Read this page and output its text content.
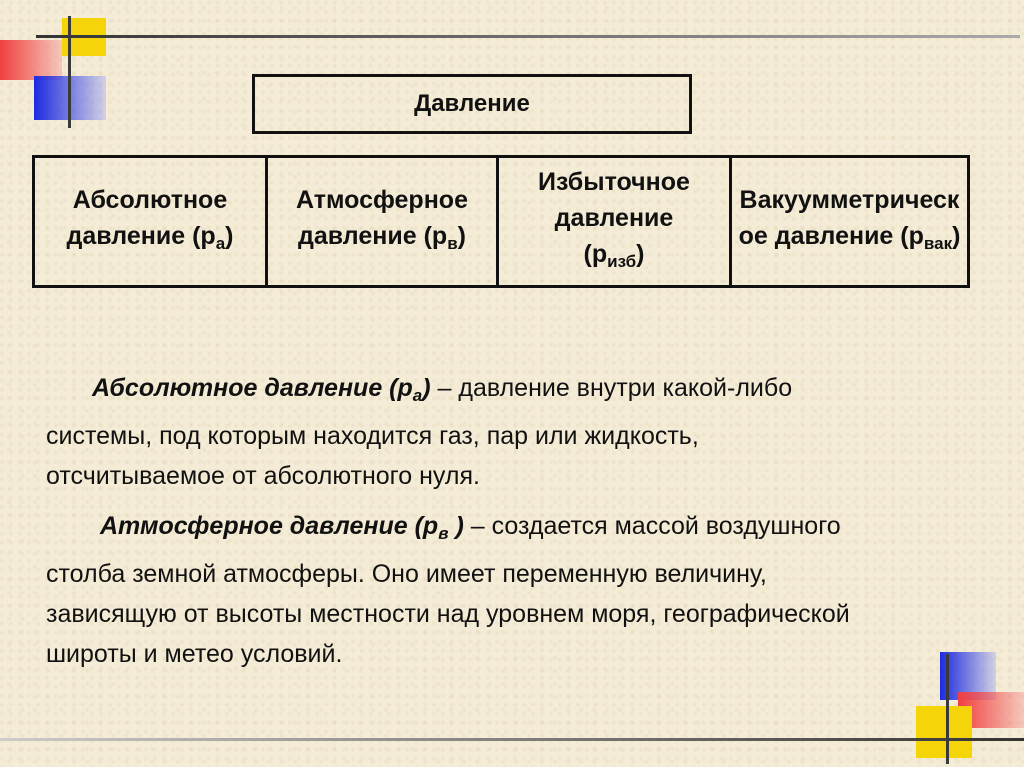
Давление
Абсолютное
давление $(p_а)$
Атмосферное
давление $(p_в)$
Избыточное
давление
$(p_{изб})$
Вакуумметрическ
ое давление $(p_{вак})$
Абсолютное давление $(p_а)$ – давление внутри какой-либо
системы, под которым находится газ, пар или жидкость,
отсчитываемое от абсолютного нуля.
Атмосферное давление ($p_в$ ) – создается массой воздушного
столба земной атмосферы. Оно имеет переменную величину,
зависящую от высоты местности над уровнем моря, географической
широты и метео условий.
